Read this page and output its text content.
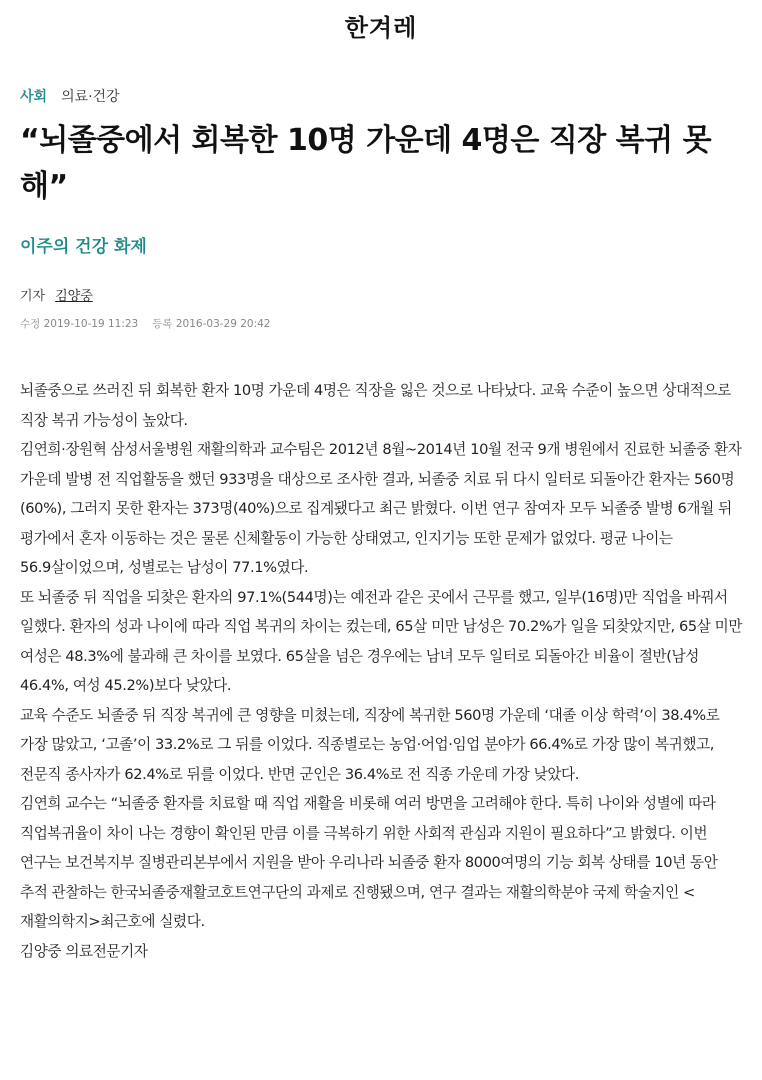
한겨레
사회 의료·건강
“뇌졸중에서 회복한 10명 가운데 4명은 직장 복귀 못해”
이주의 건강 화제
기자 김양중
수정 2019-10-19 11:23 등록 2016-03-29 20:42

뇌졸중으로 쓰러진 뒤 회복한 환자 10명 가운데 4명은 직장을 잃은 것으로 나타났다. 교육 수준이 높으면 상대적으로 직장 복귀 가능성이 높았다.

김연희·장원혁 삼성서울병원 재활의학과 교수팀은 2012년 8월~2014년 10월 전국 9개 병원에서 진료한 뇌졸중 환자 가운데 발병 전 직업활동을 했던 933명을 대상으로 조사한 결과, 뇌졸중 치료 뒤 다시 일터로 되돌아간 환자는 560명(60%), 그러지 못한 환자는 373명(40%)으로 집계됐다고 최근 밝혔다. 이번 연구 참여자 모두 뇌졸중 발병 6개월 뒤 평가에서 혼자 이동하는 것은 물론 신체활동이 가능한 상태였고, 인지기능 또한 문제가 없었다. 평균 나이는 56.9살이었으며, 성별로는 남성이 77.1%였다.

또 뇌졸중 뒤 직업을 되찾은 환자의 97.1%(544명)는 예전과 같은 곳에서 근무를 했고, 일부(16명)만 직업을 바꿔서 일했다. 환자의 성과 나이에 따라 직업 복귀의 차이는 컸는데, 65살 미만 남성은 70.2%가 일을 되찾았지만, 65살 미만 여성은 48.3%에 불과해 큰 차이를 보였다. 65살을 넘은 경우에는 남녀 모두 일터로 되돌아간 비율이 절반(남성 46.4%, 여성 45.2%)보다 낮았다.

교육 수준도 뇌졸중 뒤 직장 복귀에 큰 영향을 미쳤는데, 직장에 복귀한 560명 가운데 ‘대졸 이상 학력’이 38.4%로 가장 많았고, ‘고졸’이 33.2%로 그 뒤를 이었다. 직종별로는 농업·어업·임업 분야가 66.4%로 가장 많이 복귀했고, 전문직 종사자가 62.4%로 뒤를 이었다. 반면 군인은 36.4%로 전 직종 가운데 가장 낮았다.

김연희 교수는 “뇌졸중 환자를 치료할 때 직업 재활을 비롯해 여러 방면을 고려해야 한다. 특히 나이와 성별에 따라 직업복귀율이 차이 나는 경향이 확인된 만큼 이를 극복하기 위한 사회적 관심과 지원이 필요하다”고 밝혔다. 이번 연구는 보건복지부 질병관리본부에서 지원을 받아 우리나라 뇌졸중 환자 8000여명의 기능 회복 상태를 10년 동안 추적 관찰하는 한국뇌졸중재활코호트연구단의 과제로 진행됐으며, 연구 결과는 재활의학분야 국제 학술지인 <재활의학지>최근호에 실렸다.

김양중 의료전문기자
